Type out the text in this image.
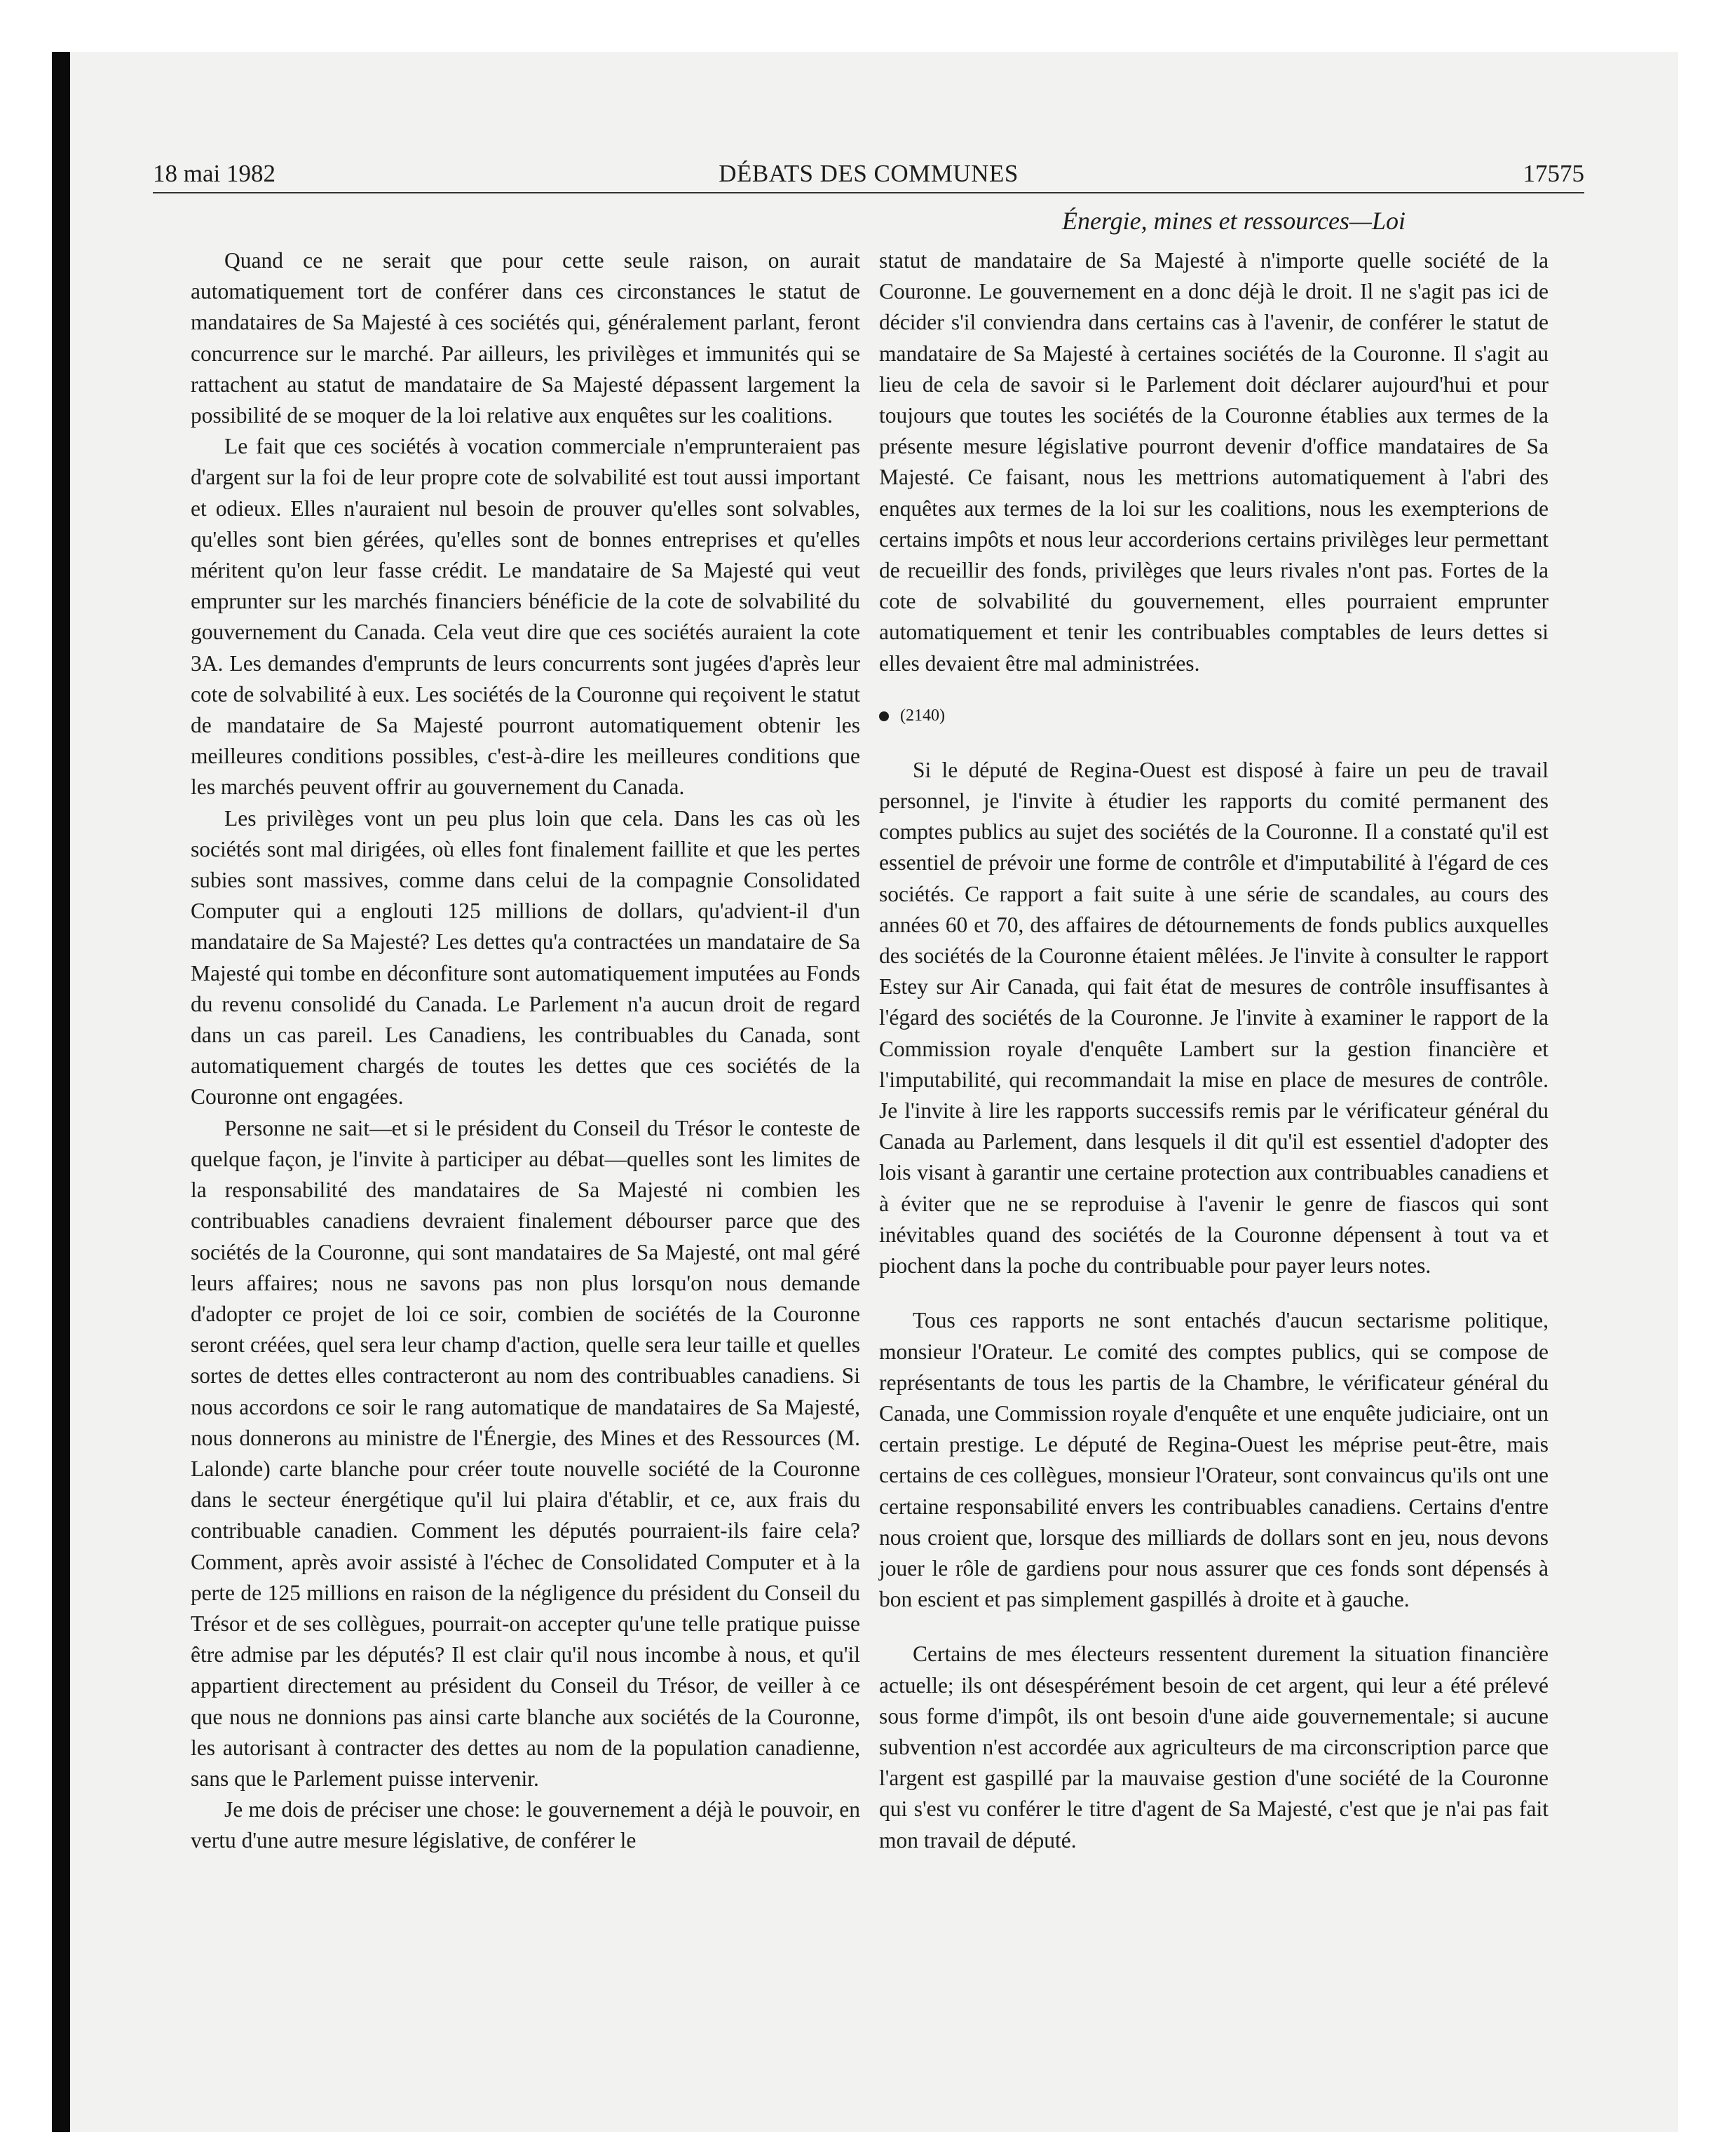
18 mai 1982	DÉBATS DES COMMUNES	17575
Énergie, mines et ressources—Loi

Quand ce ne serait que pour cette seule raison, on aurait automatiquement tort de conférer dans ces circonstances le statut de mandataires de Sa Majesté à ces sociétés qui, généralement parlant, feront concurrence sur le marché. Par ailleurs, les privilèges et immunités qui se rattachent au statut de mandataire de Sa Majesté dépassent largement la possibilité de se moquer de la loi relative aux enquêtes sur les coalitions.

Le fait que ces sociétés à vocation commerciale n'emprunteraient pas d'argent sur la foi de leur propre cote de solvabilité est tout aussi important et odieux. Elles n'auraient nul besoin de prouver qu'elles sont solvables, qu'elles sont bien gérées, qu'elles sont de bonnes entreprises et qu'elles méritent qu'on leur fasse crédit. Le mandataire de Sa Majesté qui veut emprunter sur les marchés financiers bénéficie de la cote de solvabilité du gouvernement du Canada. Cela veut dire que ces sociétés auraient la cote 3A. Les demandes d'emprunts de leurs concurrents sont jugées d'après leur cote de solvabilité à eux. Les sociétés de la Couronne qui reçoivent le statut de mandataire de Sa Majesté pourront automatiquement obtenir les meilleures conditions possibles, c'est-à-dire les meilleures conditions que les marchés peuvent offrir au gouvernement du Canada.

Les privilèges vont un peu plus loin que cela. Dans les cas où les sociétés sont mal dirigées, où elles font finalement faillite et que les pertes subies sont massives, comme dans celui de la compagnie Consolidated Computer qui a englouti 125 millions de dollars, qu'advient-il d'un mandataire de Sa Majesté? Les dettes qu'a contractées un mandataire de Sa Majesté qui tombe en déconfiture sont automatiquement imputées au Fonds du revenu consolidé du Canada. Le Parlement n'a aucun droit de regard dans un cas pareil. Les Canadiens, les contribuables du Canada, sont automatiquement chargés de toutes les dettes que ces sociétés de la Couronne ont engagées.

Personne ne sait—et si le président du Conseil du Trésor le conteste de quelque façon, je l'invite à participer au débat—quelles sont les limites de la responsabilité des mandataires de Sa Majesté ni combien les contribuables canadiens devraient finalement débourser parce que des sociétés de la Couronne, qui sont mandataires de Sa Majesté, ont mal géré leurs affaires; nous ne savons pas non plus lorsqu'on nous demande d'adopter ce projet de loi ce soir, combien de sociétés de la Couronne seront créées, quel sera leur champ d'action, quelle sera leur taille et quelles sortes de dettes elles contracteront au nom des contribuables canadiens. Si nous accordons ce soir le rang automatique de mandataires de Sa Majesté, nous donnerons au ministre de l'Énergie, des Mines et des Ressources (M. Lalonde) carte blanche pour créer toute nouvelle société de la Couronne dans le secteur énergétique qu'il lui plaira d'établir, et ce, aux frais du contribuable canadien. Comment les députés pourraient-ils faire cela? Comment, après avoir assisté à l'échec de Consolidated Computer et à la perte de 125 millions en raison de la négligence du président du Conseil du Trésor et de ses collègues, pourrait-on accepter qu'une telle pratique puisse être admise par les députés? Il est clair qu'il nous incombe à nous, et qu'il appartient directement au président du Conseil du Trésor, de veiller à ce que nous ne donnions pas ainsi carte blanche aux sociétés de la Couronne, les autorisant à contracter des dettes au nom de la population canadienne, sans que le Parlement puisse intervenir.

Je me dois de préciser une chose: le gouvernement a déjà le pouvoir, en vertu d'une autre mesure législative, de conférer le

statut de mandataire de Sa Majesté à n'importe quelle société de la Couronne. Le gouvernement en a donc déjà le droit. Il ne s'agit pas ici de décider s'il conviendra dans certains cas à l'avenir, de conférer le statut de mandataire de Sa Majesté à certaines sociétés de la Couronne. Il s'agit au lieu de cela de savoir si le Parlement doit déclarer aujourd'hui et pour toujours que toutes les sociétés de la Couronne établies aux termes de la présente mesure législative pourront devenir d'office mandataires de Sa Majesté. Ce faisant, nous les mettrions automatiquement à l'abri des enquêtes aux termes de la loi sur les coalitions, nous les exempterions de certains impôts et nous leur accorderions certains privilèges leur permettant de recueillir des fonds, privilèges que leurs rivales n'ont pas. Fortes de la cote de solvabilité du gouvernement, elles pourraient emprunter automatiquement et tenir les contribuables comptables de leurs dettes si elles devaient être mal administrées.

(2140)

Si le député de Regina-Ouest est disposé à faire un peu de travail personnel, je l'invite à étudier les rapports du comité permanent des comptes publics au sujet des sociétés de la Couronne. Il a constaté qu'il est essentiel de prévoir une forme de contrôle et d'imputabilité à l'égard de ces sociétés. Ce rapport a fait suite à une série de scandales, au cours des années 60 et 70, des affaires de détournements de fonds publics auxquelles des sociétés de la Couronne étaient mêlées. Je l'invite à consulter le rapport Estey sur Air Canada, qui fait état de mesures de contrôle insuffisantes à l'égard des sociétés de la Couronne. Je l'invite à examiner le rapport de la Commission royale d'enquête Lambert sur la gestion financière et l'imputabilité, qui recommandait la mise en place de mesures de contrôle. Je l'invite à lire les rapports successifs remis par le vérificateur général du Canada au Parlement, dans lesquels il dit qu'il est essentiel d'adopter des lois visant à garantir une certaine protection aux contribuables canadiens et à éviter que ne se reproduise à l'avenir le genre de fiascos qui sont inévitables quand des sociétés de la Couronne dépensent à tout va et piochent dans la poche du contribuable pour payer leurs notes.

Tous ces rapports ne sont entachés d'aucun sectarisme politique, monsieur l'Orateur. Le comité des comptes publics, qui se compose de représentants de tous les partis de la Chambre, le vérificateur général du Canada, une Commission royale d'enquête et une enquête judiciaire, ont un certain prestige. Le député de Regina-Ouest les méprise peut-être, mais certains de ces collègues, monsieur l'Orateur, sont convaincus qu'ils ont une certaine responsabilité envers les contribuables canadiens. Certains d'entre nous croient que, lorsque des milliards de dollars sont en jeu, nous devons jouer le rôle de gardiens pour nous assurer que ces fonds sont dépensés à bon escient et pas simplement gaspillés à droite et à gauche.

Certains de mes électeurs ressentent durement la situation financière actuelle; ils ont désespérément besoin de cet argent, qui leur a été prélevé sous forme d'impôt, ils ont besoin d'une aide gouvernementale; si aucune subvention n'est accordée aux agriculteurs de ma circonscription parce que l'argent est gaspillé par la mauvaise gestion d'une société de la Couronne qui s'est vu conférer le titre d'agent de Sa Majesté, c'est que je n'ai pas fait mon travail de député.
